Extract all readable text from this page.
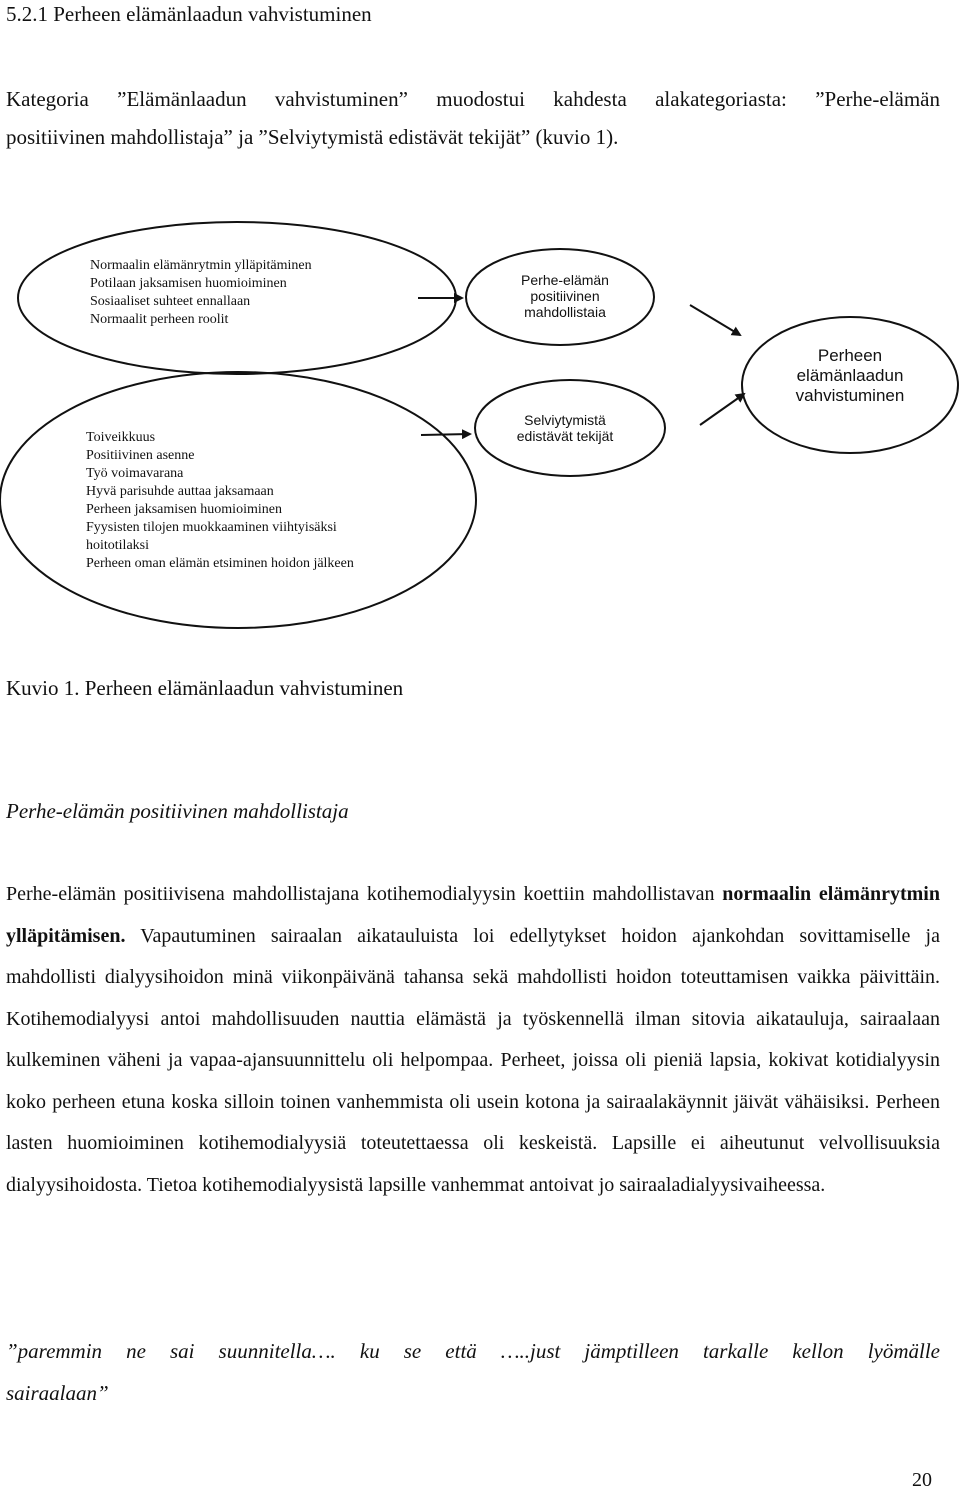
5.2.1 Perheen elämänlaadun vahvistuminen
Kategoria ”Elämänlaadun vahvistuminen” muodostui kahdesta alakategoriasta: ”Perhe-elämän
positiivinen mahdollistaja” ja ”Selviytymistä edistävät tekijät” (kuvio 1).
Normaalin elämänrytmin ylläpitäminen
Potilaan jaksamisen huomioiminen
Sosiaaliset suhteet ennallaan
Normaalit perheen roolit
Toiveikkuus
Positiivinen asenne
Työ voimavarana
Hyvä parisuhde auttaa jaksamaan
Perheen jaksamisen huomioiminen
Fyysisten tilojen muokkaaminen viihtyisäksi
hoitotilaksi
Perheen oman elämän etsiminen hoidon jälkeen
Perhe-elämän
positiivinen
mahdollistaia
Selviytymistä
edistävät tekijät
Perheen
elämänlaadun
vahvistuminen
Kuvio 1. Perheen elämänlaadun vahvistuminen
Perhe-elämän positiivinen mahdollistaja
Perhe-elämän positiivisena mahdollistajana kotihemodialyysin koettiin mahdollistavan normaalin elämänrytmin ylläpitämisen. Vapautuminen sairaalan aikatauluista loi edellytykset hoidon ajankohdan sovittamiselle ja mahdollisti dialyysihoidon minä viikonpäivänä tahansa sekä mahdollisti hoidon toteuttamisen vaikka päivittäin. Kotihemodialyysi antoi mahdollisuuden nauttia elämästä ja työskennellä ilman sitovia aikatauluja, sairaalaan kulkeminen väheni ja vapaa-ajansuunnittelu oli helpompaa. Perheet, joissa oli pieniä lapsia, kokivat kotidialyysin koko perheen etuna koska silloin toinen vanhemmista oli usein kotona ja sairaalakäynnit jäivät vähäisiksi. Perheen lasten huomioiminen kotihemodialyysiä toteutettaessa oli keskeistä. Lapsille ei aiheutunut velvollisuuksia dialyysihoidosta. Tietoa kotihemodialyysistä lapsille vanhemmat antoivat jo sairaaladialyysivaiheessa.
”paremmin ne sai suunnitella…. ku se että …..just jämptilleen tarkalle kellon lyömälle
sairaalaan”
20
